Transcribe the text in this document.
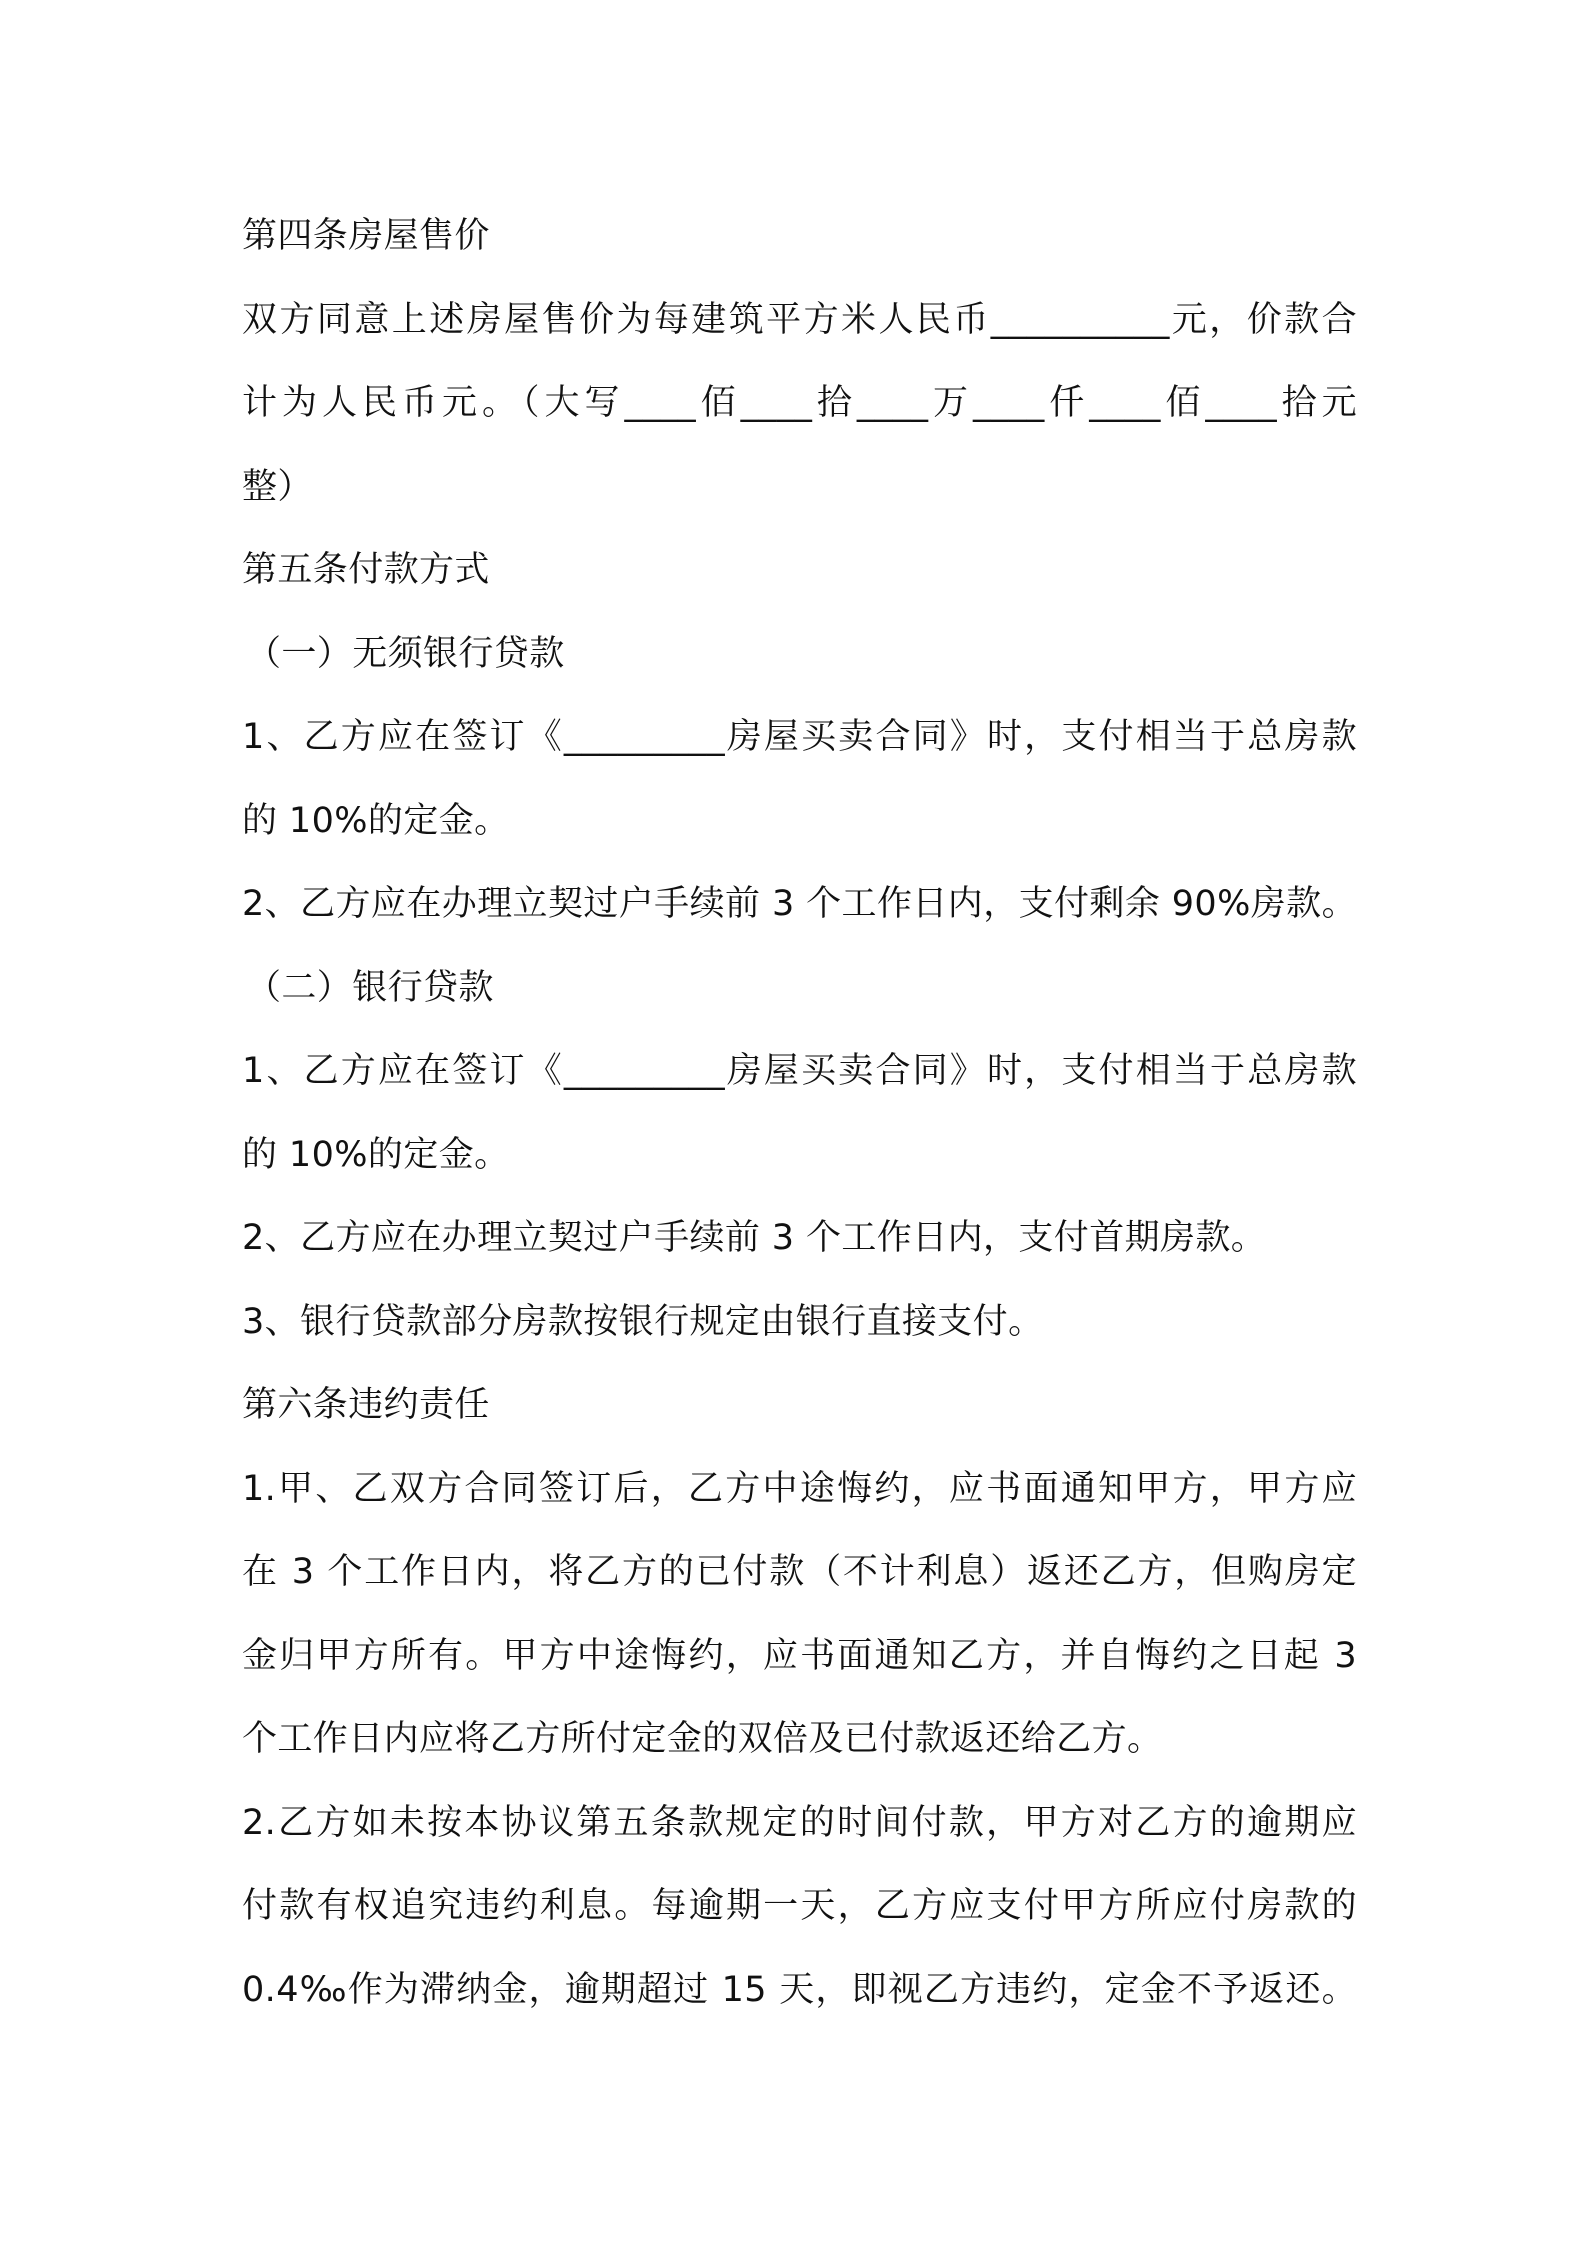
第四条房屋售价
双方同意上述房屋售价为每建筑平方米人民币__________元，价款合
计为人民币元。（大写____佰____拾____万____仟____佰____拾元
整）
第五条付款方式
（一）无须银行贷款
1、乙方应在签订《_________房屋买卖合同》时，支付相当于总房款
的 10%的定金。
2、乙方应在办理立契过户手续前 3 个工作日内，支付剩余 90%房款。
（二）银行贷款
1、乙方应在签订《_________房屋买卖合同》时，支付相当于总房款
的 10%的定金。
2、乙方应在办理立契过户手续前 3 个工作日内，支付首期房款。
3、银行贷款部分房款按银行规定由银行直接支付。
第六条违约责任
1.甲、乙双方合同签订后，乙方中途悔约，应书面通知甲方，甲方应
在 3 个工作日内，将乙方的已付款（不计利息）返还乙方，但购房定
金归甲方所有。甲方中途悔约，应书面通知乙方，并自悔约之日起 3
个工作日内应将乙方所付定金的双倍及已付款返还给乙方。
2.乙方如未按本协议第五条款规定的时间付款，甲方对乙方的逾期应
付款有权追究违约利息。每逾期一天，乙方应支付甲方所应付房款的
0.4‰作为滞纳金，逾期超过 15 天，即视乙方违约，定金不予返还。
